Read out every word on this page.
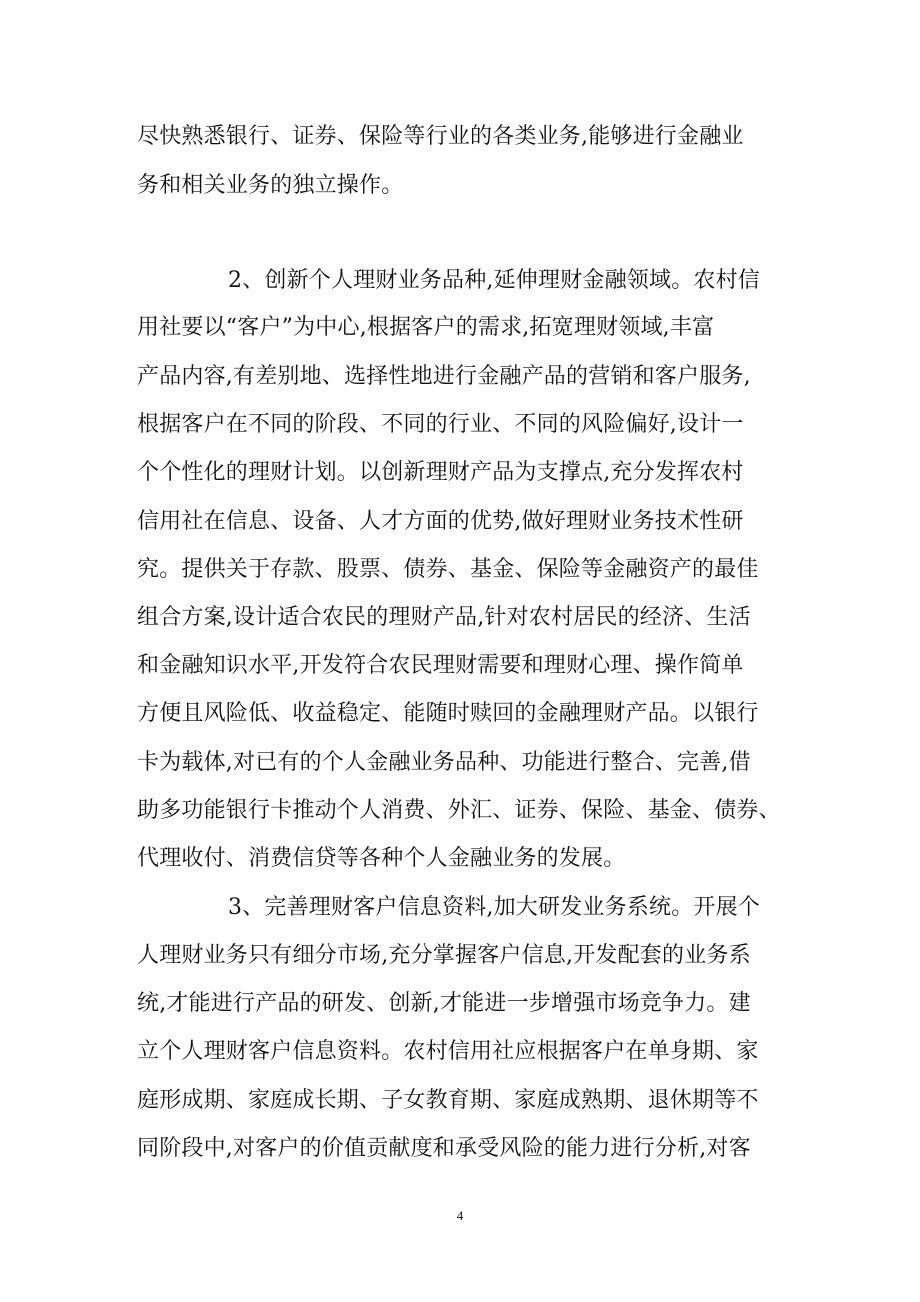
尽快熟悉银行、证券、保险等行业的各类业务,能够进行金融业
务和相关业务的独立操作。
2、创新个人理财业务品种,延伸理财金融领域。农村信
用社要以“客户”为中心,根据客户的需求,拓宽理财领域,丰富
产品内容,有差别地、选择性地进行金融产品的营销和客户服务,
根据客户在不同的阶段、不同的行业、不同的风险偏好,设计一
个个性化的理财计划。以创新理财产品为支撑点,充分发挥农村
信用社在信息、设备、人才方面的优势,做好理财业务技术性研
究。提供关于存款、股票、债券、基金、保险等金融资产的最佳
组合方案,设计适合农民的理财产品,针对农村居民的经济、生活
和金融知识水平,开发符合农民理财需要和理财心理、操作简单
方便且风险低、收益稳定、能随时赎回的金融理财产品。以银行
卡为载体,对已有的个人金融业务品种、功能进行整合、完善,借
助多功能银行卡推动个人消费、外汇、证券、保险、基金、债券、
代理收付、消费信贷等各种个人金融业务的发展。
3、完善理财客户信息资料,加大研发业务系统。开展个
人理财业务只有细分市场,充分掌握客户信息,开发配套的业务系
统,才能进行产品的研发、创新,才能进一步增强市场竞争力。建
立个人理财客户信息资料。农村信用社应根据客户在单身期、家
庭形成期、家庭成长期、子女教育期、家庭成熟期、退休期等不
同阶段中,对客户的价值贡献度和承受风险的能力进行分析,对客
4
